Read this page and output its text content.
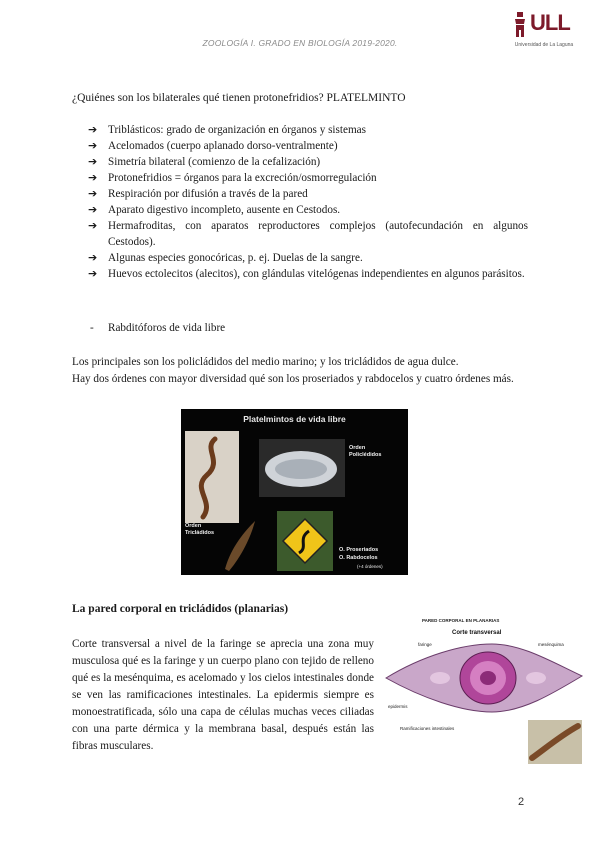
ZOOLOGÍA I. GRADO EN BIOLOGÍA 2019-2020.
ULL
Universidad de La Laguna
¿Quiénes son los bilaterales qué tienen protonefridios? PLATELMINTO
➔ Triblásticos: grado de organización en órganos y sistemas
➔ Acelomados (cuerpo aplanado dorso-ventralmente)
➔ Simetría bilateral (comienzo de la cefalización)
➔ Protonefridios = órganos para la excreción/osmorregulación
➔ Respiración por difusión a través de la pared
➔ Aparato digestivo incompleto, ausente en Cestodos.
➔ Hermafroditas, con aparatos reproductores complejos (autofecundación en algunos Cestodos).
➔ Algunas especies gonocóricas, p. ej. Duelas de la sangre.
➔ Huevos ectolecitos (alecitos), con glándulas vitelógenas independientes en algunos parásitos.
- Rabditóforos de vida libre
Los principales son los policládidos del medio marino; y los tricládidos de agua dulce.
Hay dos órdenes con mayor diversidad qué son los proseriados y rabdocelos y cuatro órdenes más.
Platelmintos de vida libre
Orden
Policlédidos
Orden
Tricládidos
O. Proseriados
O. Rabdocelos
(+4 órdenes)
La pared corporal en tricládidos (planarias)
Corte transversal a nivel de la faringe se aprecia una zona muy musculosa qué es la faringe y un cuerpo plano con tejido de relleno qué es la mesénquima, es acelomado y los cielos intestinales donde se ven las ramificaciones intestinales. La epidermis siempre es monoestratificada, sólo una capa de células muchas veces ciliadas con una parte dérmica y la membrana basal, después están las fibras musculares.
PARED CORPORAL EN PLANARIAS
Corte transversal
faringe	mesénquima
epidermis
Ramificaciones intestinales
2
